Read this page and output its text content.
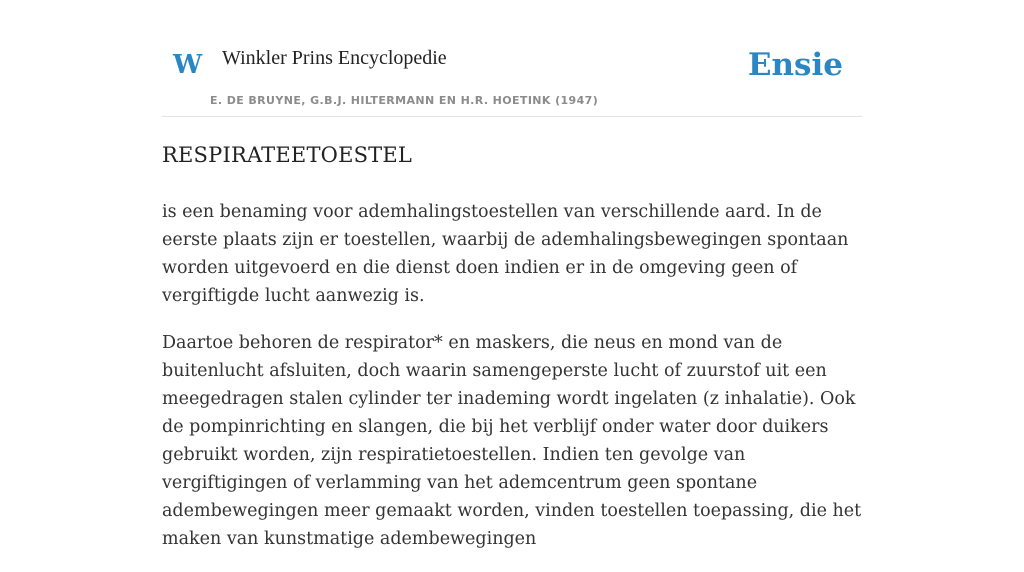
W Winkler Prins Encyclopedie
E. DE BRUYNE, G.B.J. HILTERMANN EN H.R. HOETINK (1947)
Ensie
RESPIRATEETOESTEL

is een benaming voor ademhalingstoestellen van verschillende aard. In de eerste plaats zijn er toestellen, waarbij de ademhalingsbewegingen spontaan worden uitgevoerd en die dienst doen indien er in de omgeving geen of vergiftigde lucht aanwezig is.

Daartoe behoren de respirator* en maskers, die neus en mond van de buitenlucht afsluiten, doch waarin samengeperste lucht of zuurstof uit een meegedragen stalen cylinder ter inademing wordt ingelaten (z inhalatie). Ook de pompinrichting en slangen, die bij het verblijf onder water door duikers gebruikt worden, zijn respiratietoestellen. Indien ten gevolge van vergiftigingen of verlamming van het ademcentrum geen spontane adembewegingen meer gemaakt worden, vinden toestellen toepassing, die het maken van kunstmatige adembewegingen
